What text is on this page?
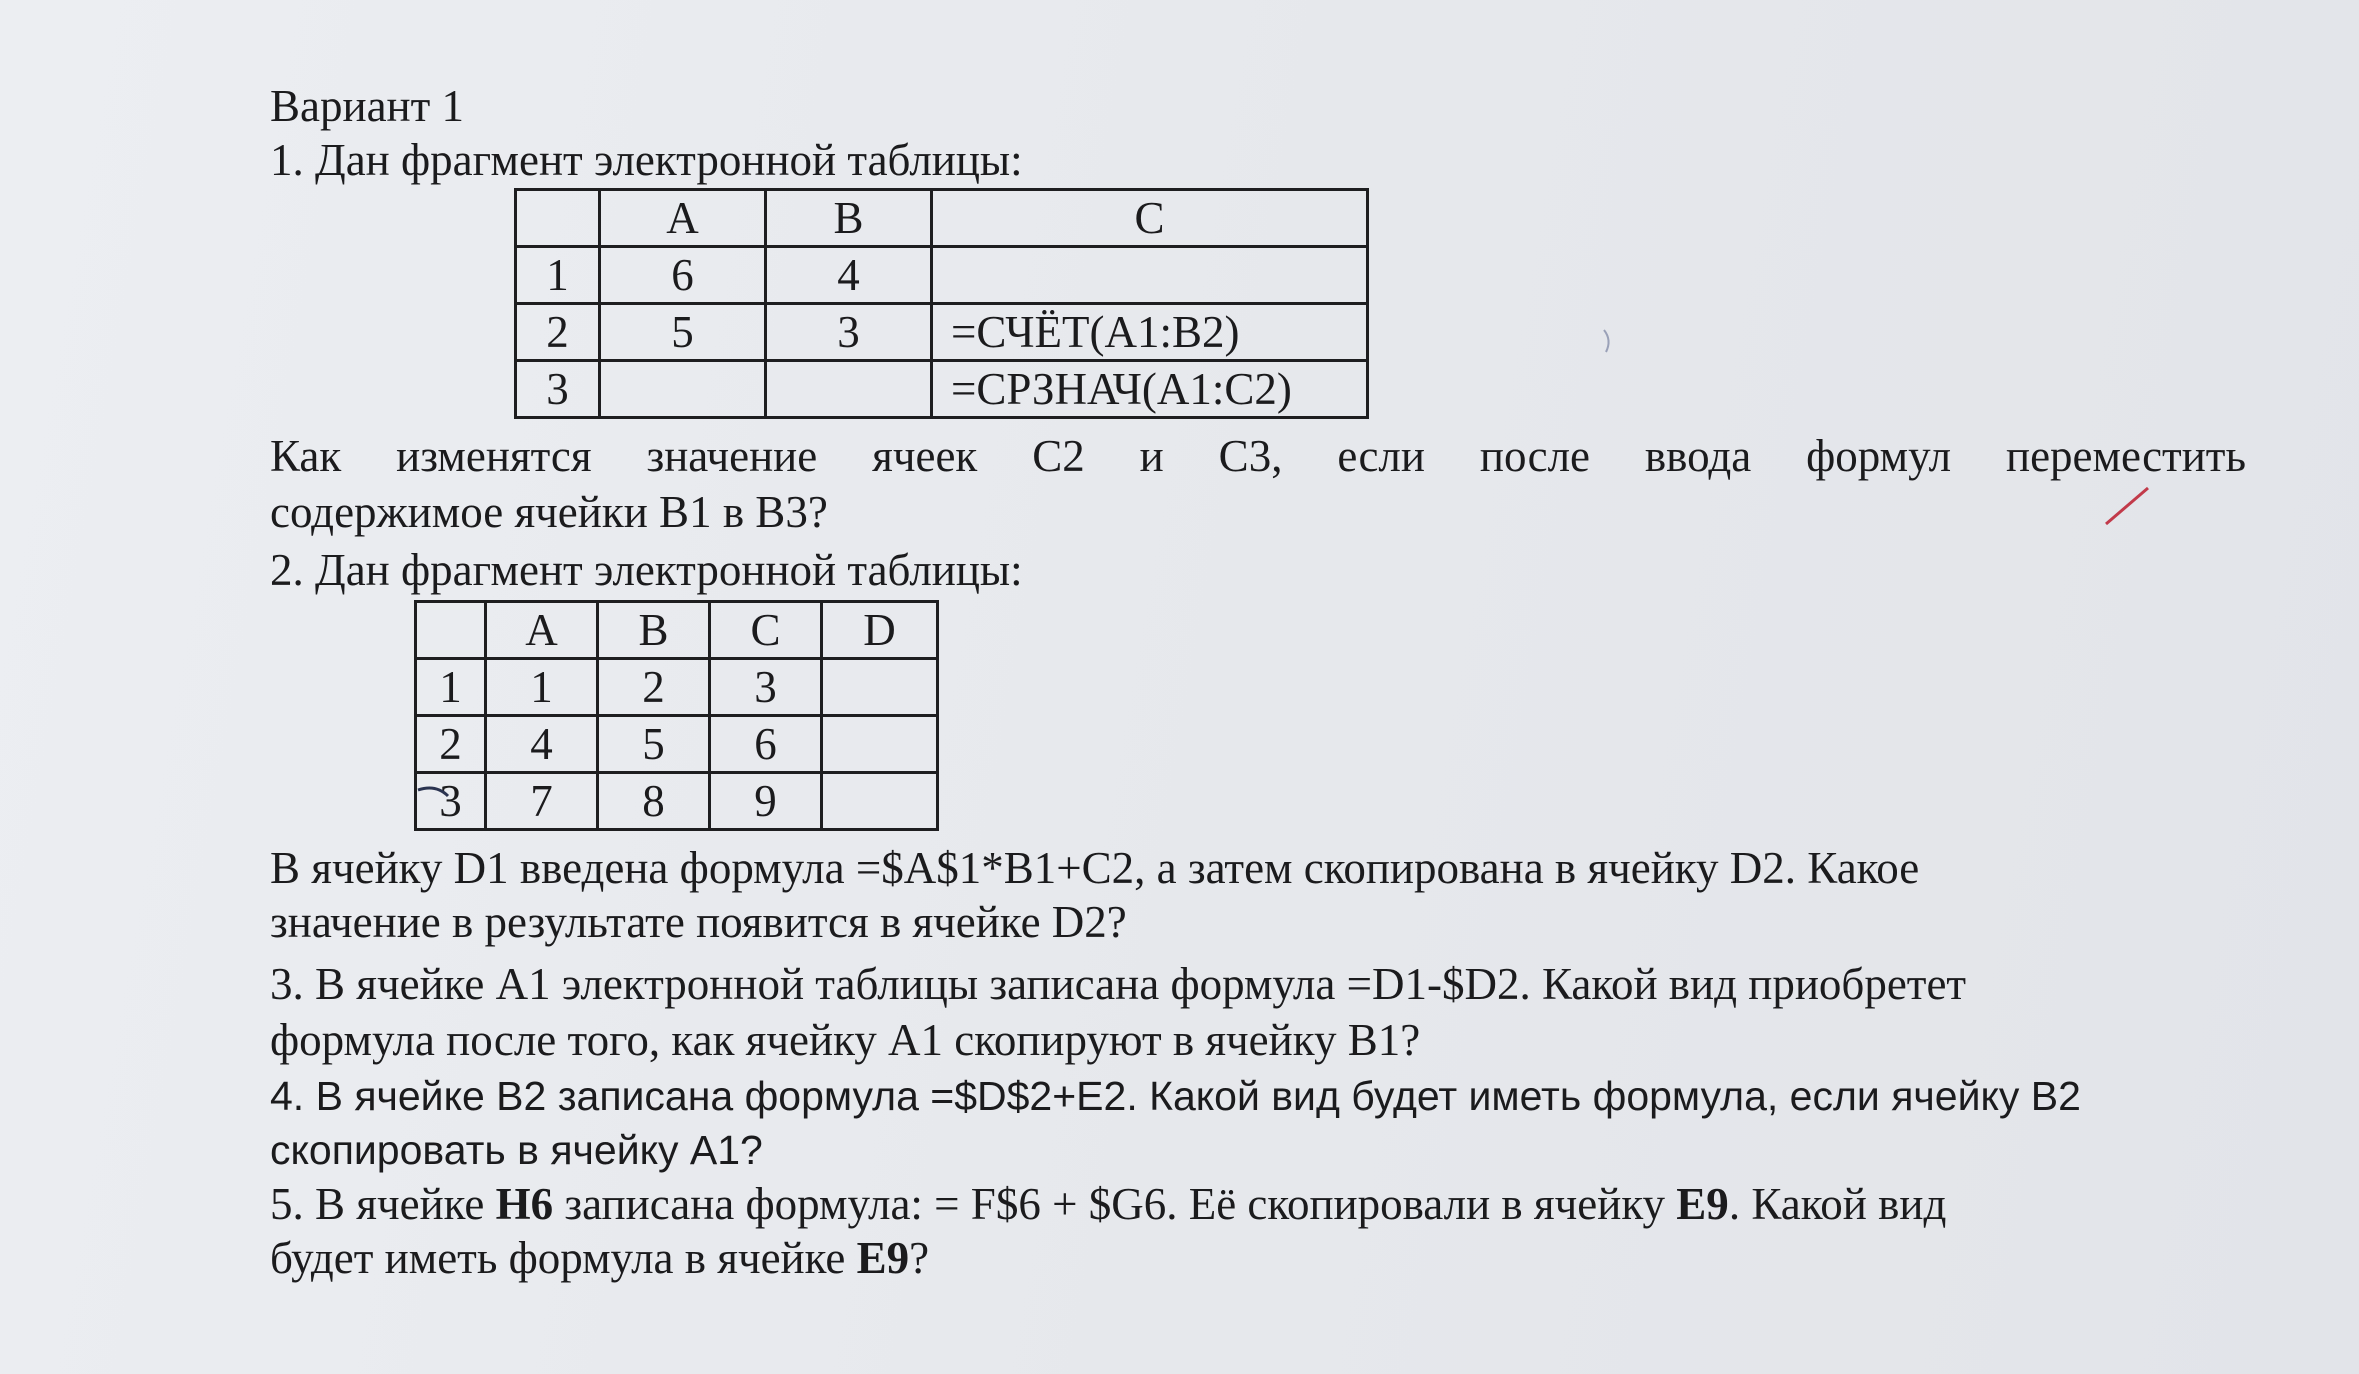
Вариант 1
1. Дан фрагмент электронной таблицы:
	A	B	C
1	6	4	
2	5	3	=СЧЁТ(A1:B2)
3			=СРЗНАЧ(A1:C2)
Как изменятся значение ячеек С2 и С3, если после ввода формул переместить
содержимое ячейки В1 в В3?
2. Дан фрагмент электронной таблицы:
	A	B	C	D
1	1	2	3	
2	4	5	6	
3	7	8	9	
В ячейку D1 введена формула =$A$1*B1+C2, а затем скопирована в ячейку D2. Какое
значение в результате появится в ячейке D2?
3. В ячейке А1 электронной таблицы записана формула =D1-$D2. Какой вид приобретет
формула после того, как ячейку А1 скопируют в ячейку В1?
4. В ячейке В2 записана формула =$D$2+E2. Какой вид будет иметь формула, если ячейку В2
скопировать в ячейку А1?
5. В ячейке Н6 записана формула: = F$6 + $G6. Её скопировали в ячейку Е9. Какой вид
будет иметь формула в ячейке Е9?
